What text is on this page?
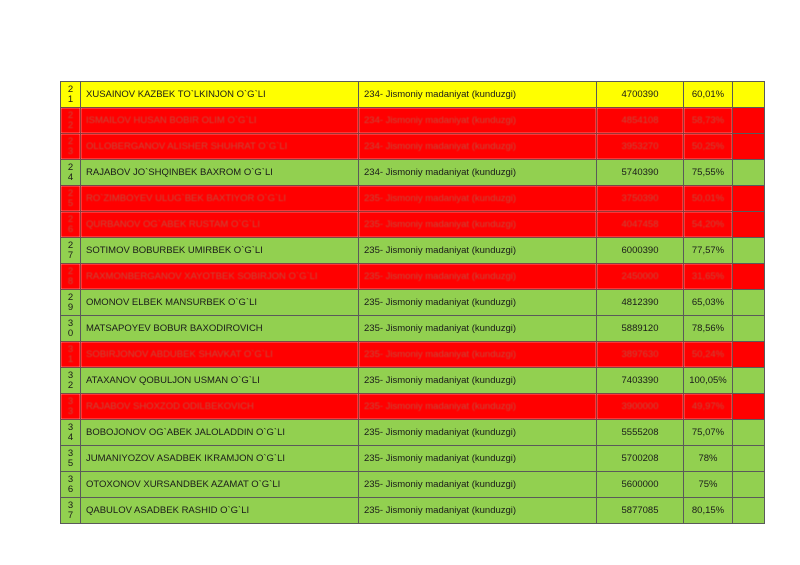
2
1	XUSAINOV KAZBEK TO`LKINJON O`G`LI	234- Jismoniy madaniyat (kunduzgi)	4700390	60,01%	

2
2	ISMAILOV HUSAN BOBIR OLIM O`G`LI	234- Jismoniy madaniyat (kunduzgi)	4854108	58,73%	

2
3	OLLOBERGANOV ALISHER SHUHRAT O`G`LI	234- Jismoniy madaniyat (kunduzgi)	3953270	50,25%	

2
4	RAJABOV JO`SHQINBEK BAXROM O`G`LI	234- Jismoniy madaniyat (kunduzgi)	5740390	75,55%	

2
5	RO`ZIMBOYEV ULUG`BEK BAXTIYOR O`G`LI	235- Jismoniy madaniyat (kunduzgi)	3750390	50,01%	

2
6	QURBANOV OG`ABEK RUSTAM O`G`LI	235- Jismoniy madaniyat (kunduzgi)	4047458	54,20%	

2
7	SOTIMOV BOBURBEK UMIRBEK O`G`LI	235- Jismoniy madaniyat (kunduzgi)	6000390	77,57%	

2
8	RAXMONBERGANOV XAYOTBEK SOBIRJON O`G`LI	235- Jismoniy madaniyat (kunduzgi)	2450000	31,65%	

2
9	OMONOV ELBEK MANSURBEK O`G`LI	235- Jismoniy madaniyat (kunduzgi)	4812390	65,03%	

3
0	MATSAPOYEV BOBUR BAXODIROVICH	235- Jismoniy madaniyat (kunduzgi)	5889120	78,56%	

3
1	SOBIRJONOV ABDUBEK SHAVKAT O`G`LI	235- Jismoniy madaniyat (kunduzgi)	3897630	50,24%	

3
2	ATAXANOV QOBULJON USMAN O`G`LI	235- Jismoniy madaniyat (kunduzgi)	7403390	100,05%	

3
3	RAJABOV SHOXZOD ODILBEKOVICH	235- Jismoniy madaniyat (kunduzgi)	3900000	49,97%	

3
4	BOBOJONOV OG`ABEK JALOLADDIN O`G`LI	235- Jismoniy madaniyat (kunduzgi)	5555208	75,07%	

3
5	JUMANIYOZOV ASADBEK IKRAMJON O`G`LI	235- Jismoniy madaniyat (kunduzgi)	5700208	78%	

3
6	OTOXONOV XURSANDBEK AZAMAT O`G`LI	235- Jismoniy madaniyat (kunduzgi)	5600000	75%	

3
7	QABULOV ASADBEK RASHID O`G`LI	235- Jismoniy madaniyat (kunduzgi)	5877085	80,15%	
